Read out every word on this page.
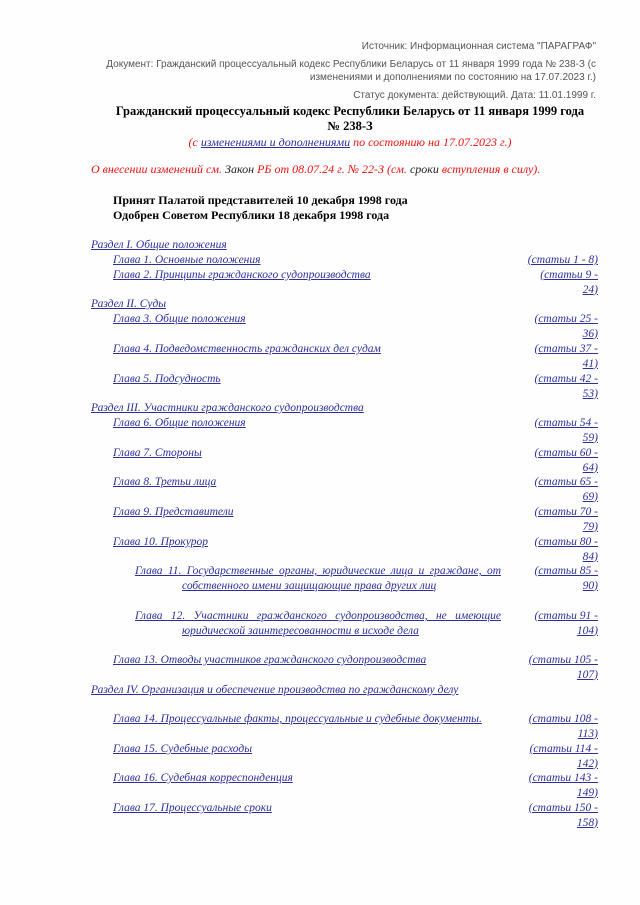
Источник: Информационная система "ПАРАГРАФ"
Документ: Гражданский процессуальный кодекс Республики Беларусь от 11 января 1999 года № 238-З (с изменениями и дополнениями по состоянию на 17.07.2023 г.)
Статус документа: действующий. Дата: 11.01.1999 г.
Гражданский процессуальный кодекс Республики Беларусь от 11 января 1999 года
№ 238-З
(с изменениями и дополнениями по состоянию на 17.07.2023 г.)
О внесении изменений см. Закон РБ от 08.07.24 г. № 22-З (см. сроки вступления в силу).
Принят Палатой представителей 10 декабря 1998 года
Одобрен Советом Республики 18 декабря 1998 года
Раздел I. Общие положения
Глава 1. Основные положения	(статьи 1 - 8)
Глава 2. Принципы гражданского судопроизводства	(статьи 9 -
24)
Раздел II. Суды
Глава 3. Общие положения	(статьи 25 -
36)
Глава 4. Подведомственность гражданских дел судам	(статьи 37 -
41)
Глава 5. Подсудность	(статьи 42 -
53)
Раздел III. Участники гражданского судопроизводства
Глава 6. Общие положения	(статьи 54 -
59)
Глава 7. Стороны	(статьи 60 -
64)
Глава 8. Третьи лица	(статьи 65 -
69)
Глава 9. Представители	(статьи 70 -
79)
Глава 10. Прокурор	(статьи 80 -
84)
Глава 11. Государственные органы, юридические лица и граждане, от собственного имени защищающие права других лиц
(статьи 85 -
90)
Глава 12. Участники гражданского судопроизводства, не имеющие юридической заинтересованности в исходе дела
(статьи 91 -
104)
Глава 13. Отводы участников гражданского судопроизводства	(статьи 105 -
107)
Раздел IV. Организация и обеспечение производства по гражданскому делу
Глава 14. Процессуальные факты, процессуальные и судебные документы.	(статьи 108 -
113)
Глава 15. Судебные расходы	(статьи 114 -
142)
Глава 16. Судебная корреспонденция	(статьи 143 -
149)
Глава 17. Процессуальные сроки	(статьи 150 -
158)
